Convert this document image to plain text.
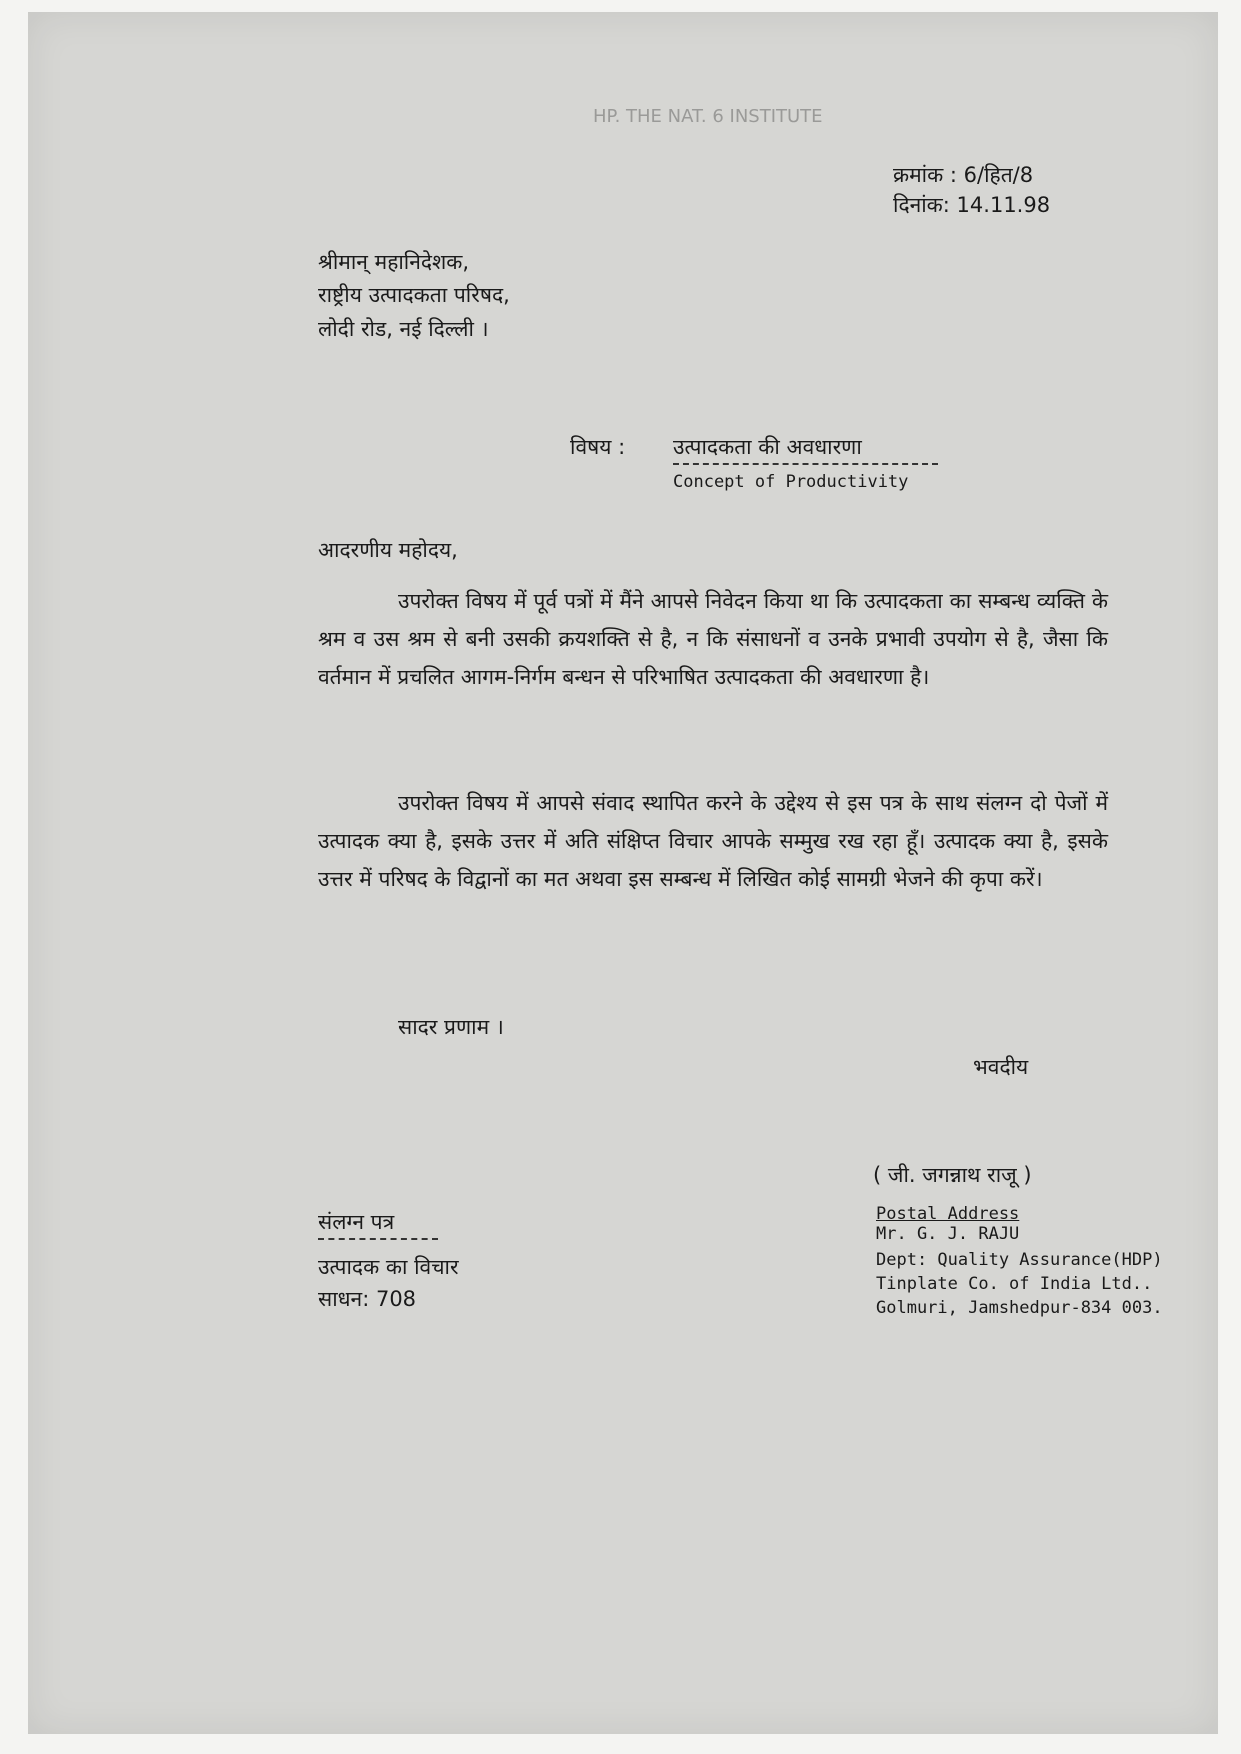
HP. THE NAT. 6 INSTITUTE
क्रमांक : 6/हित/8
दिनांक: 14.11.98
श्रीमान् महानिदेशक,
राष्ट्रीय उत्पादकता परिषद,
लोदी रोड, नई दिल्ली ।
विषय : उत्पादकता की अवधारणा
Concept of Productivity
आदरणीय महोदय,
उपरोक्त विषय में पूर्व पत्रों में मैंने आपसे निवेदन किया था कि उत्पादकता का सम्बन्ध व्यक्ति के श्रम व उस श्रम से बनी उसकी क्रयशक्ति से है, न कि संसाधनों व उनके प्रभावी उपयोग से है, जैसा कि वर्तमान में प्रचलित आगम-निर्गम बन्धन से परिभाषित उत्पादकता की अवधारणा है।
उपरोक्त विषय में आपसे संवाद स्थापित करने के उद्देश्य से इस पत्र के साथ संलग्न दो पेजों में उत्पादक क्या है, इसके उत्तर में अति संक्षिप्त विचार आपके सम्मुख रख रहा हूँ। उत्पादक क्या है, इसके उत्तर में परिषद के विद्वानों का मत अथवा इस सम्बन्ध में लिखित कोई सामग्री भेजने की कृपा करें।
सादर प्रणाम ।
भवदीय
( जी. जगन्नाथ राजू )
संलग्न पत्र
उत्पादक का विचार
साधन: 708
Postal Address
Mr. G. J. RAJU
Dept: Quality Assurance(HDP)
Tinplate Co. of India Ltd..
Golmuri, Jamshedpur-834 003.
